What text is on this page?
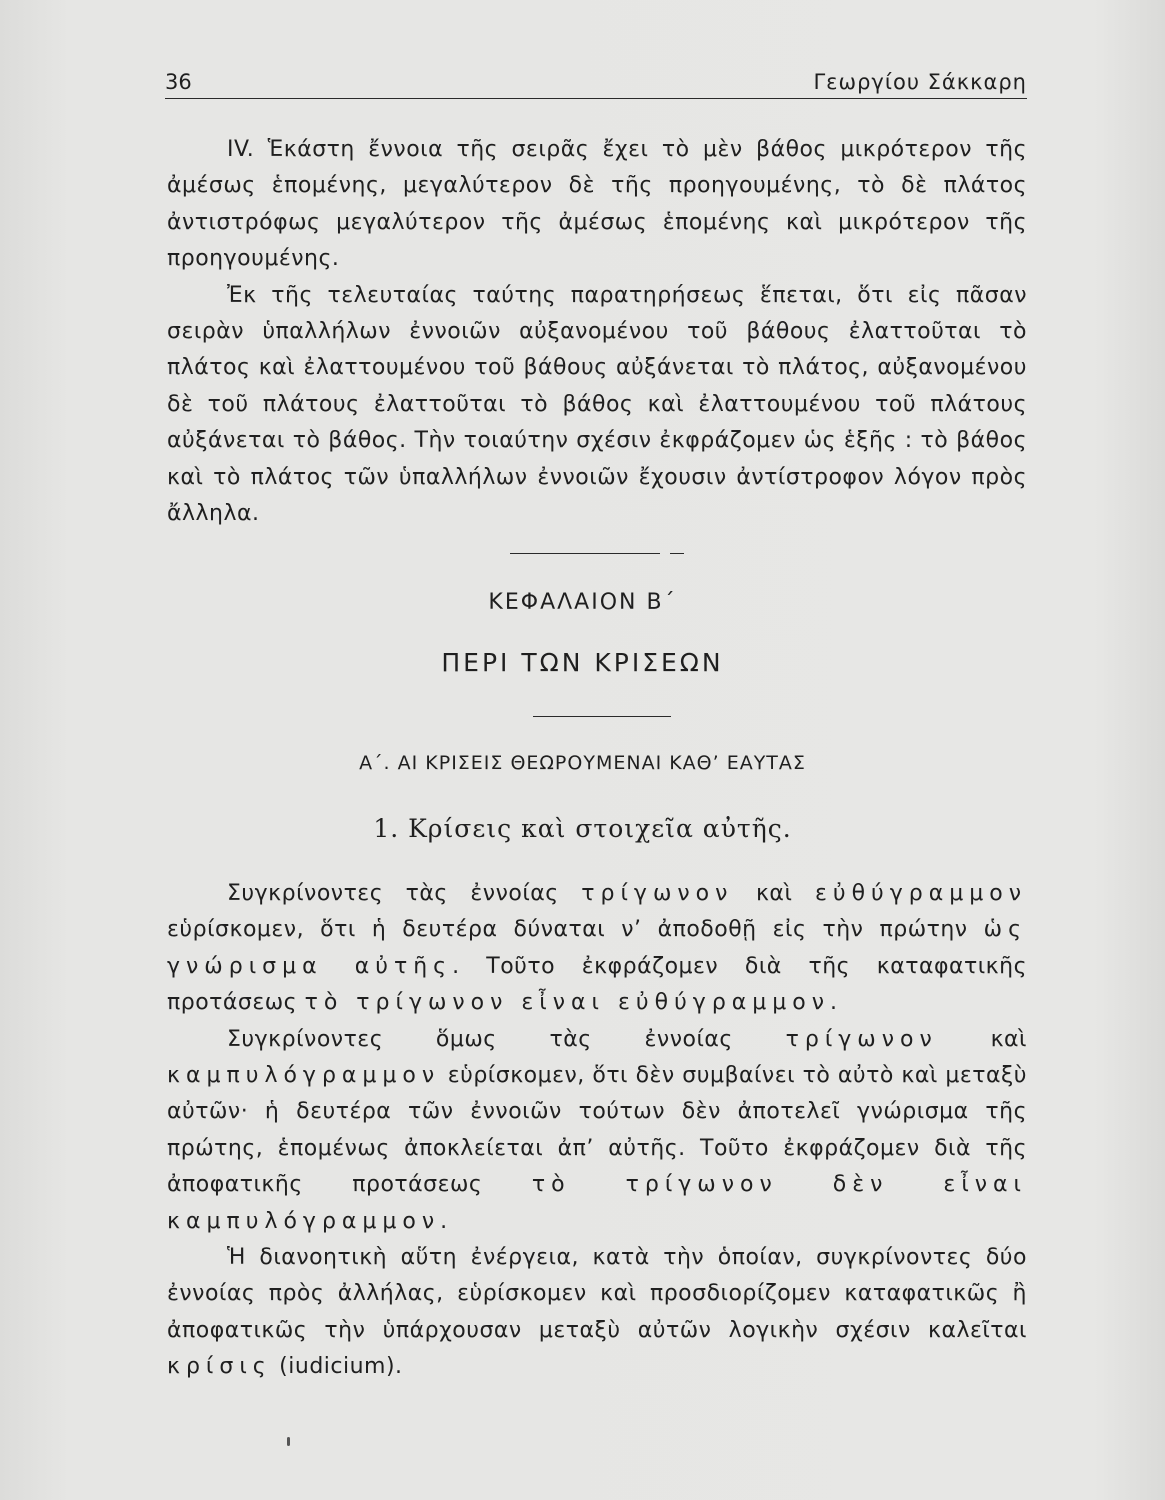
36	Γεωργίου Σάκκαρη

IV. Ἑκάστη ἔννοια τῆς σειρᾶς ἔχει τὸ μὲν βάθος μικρότερον τῆς ἀμέσως ἑπομένης, μεγαλύτερον δὲ τῆς προηγουμένης, τὸ δὲ πλάτος ἀντιστρόφως μεγαλύτερον τῆς ἀμέσως ἑπομένης καὶ μικρότερον τῆς προηγουμένης.

Ἐκ τῆς τελευταίας ταύτης παρατηρήσεως ἕπεται, ὅτι εἰς πᾶσαν σειρὰν ὑπαλλήλων ἐννοιῶν αὐξανομένου τοῦ βάθους ἐλαττοῦται τὸ πλάτος καὶ ἐλαττουμένου τοῦ βάθους αὐξάνεται τὸ πλάτος, αὐξανομένου δὲ τοῦ πλάτους ἐλαττοῦται τὸ βάθος καὶ ἐλαττουμένου τοῦ πλάτους αὐξάνεται τὸ βάθος. Τὴν τοιαύτην σχέσιν ἐκφράζομεν ὡς ἑξῆς : τὸ βάθος καὶ τὸ πλάτος τῶν ὑπαλλήλων ἐννοιῶν ἔχουσιν ἀντίστροφον λόγον πρὸς ἄλληλα.

ΚΕΦΑΛΑΙΟΝ Β΄
ΠΕΡΙ ΤΩΝ ΚΡΙΣΕΩΝ
Α΄. ΑΙ ΚΡΙΣΕΙΣ ΘΕΩΡΟΥΜΕΝΑΙ ΚΑΘ’ ΕΑΥΤΑΣ
1. Κρίσεις καὶ στοιχεῖα αὐτῆς.

Συγκρίνοντες τὰς ἐννοίας τρίγωνον καὶ εὐθύγραμμον εὑρίσκομεν, ὅτι ἡ δευτέρα δύναται ν’ ἀποδοθῇ εἰς τὴν πρώτην ὡς γνώρισμα αὐτῆς. Τοῦτο ἐκφράζομεν διὰ τῆς καταφατικῆς προτάσεως τὸ τρίγωνον εἶναι εὐθύγραμμον.

Συγκρίνοντες ὅμως τὰς ἐννοίας τρίγωνον καὶ καμπυλόγραμμον εὑρίσκομεν, ὅτι δὲν συμβαίνει τὸ αὐτὸ καὶ μεταξὺ αὐτῶν· ἡ δευτέρα τῶν ἐννοιῶν τούτων δὲν ἀποτελεῖ γνώρισμα τῆς πρώτης, ἑπομένως ἀποκλείεται ἀπ’ αὐτῆς. Τοῦτο ἐκφράζομεν διὰ τῆς ἀποφατικῆς προτάσεως τὸ τρίγωνον δὲν εἶναι καμπυλόγραμμον.

Ἡ διανοητικὴ αὕτη ἐνέργεια, κατὰ τὴν ὁποίαν, συγκρίνοντες δύο ἐννοίας πρὸς ἀλλήλας, εὑρίσκομεν καὶ προσδιορίζομεν καταφατικῶς ἢ ἀποφατικῶς τὴν ὑπάρχουσαν μεταξὺ αὐτῶν λογικὴν σχέσιν καλεῖται κρίσις (iudicium).
